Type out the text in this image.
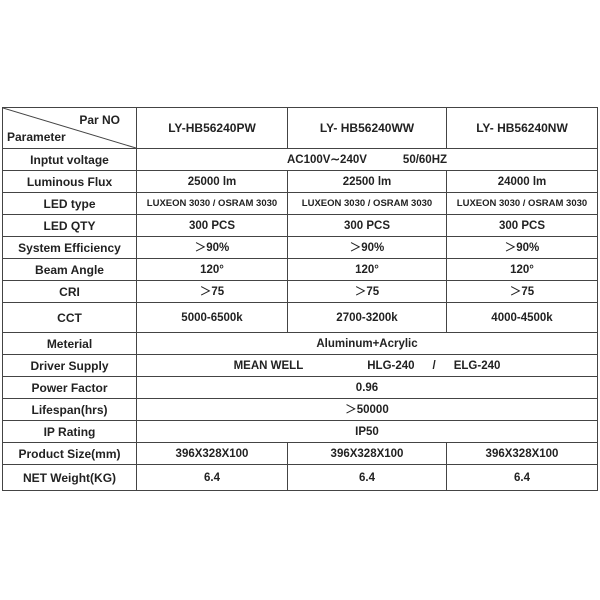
Par NO
Parameter	LY-HB56240PW	LY- HB56240WW	LY- HB56240NW
Inptut voltage	AC100V∼240V 50/60HZ		
Luminous Flux	25000 lm	22500 lm	24000 lm
LED type	LUXEON 3030 / OSRAM 3030	LUXEON 3030 / OSRAM 3030	LUXEON 3030 / OSRAM 3030
LED QTY	300 PCS	300 PCS	300 PCS
System Efficiency	＞90%	＞90%	＞90%
Beam Angle	120°	120°	120°
CRI	＞75	＞75	＞75
CCT	5000-6500k	2700-3200k	4000-4500k
Meterial	Aluminum+Acrylic		
Driver Supply	MEAN WELL HLG-240 / ELG-240		
Power Factor	0.96		
Lifespan(hrs)	＞50000		
IP Rating	IP50		
Product Size(mm)	396X328X100	396X328X100	396X328X100
NET Weight(KG)	6.4	6.4	6.4
